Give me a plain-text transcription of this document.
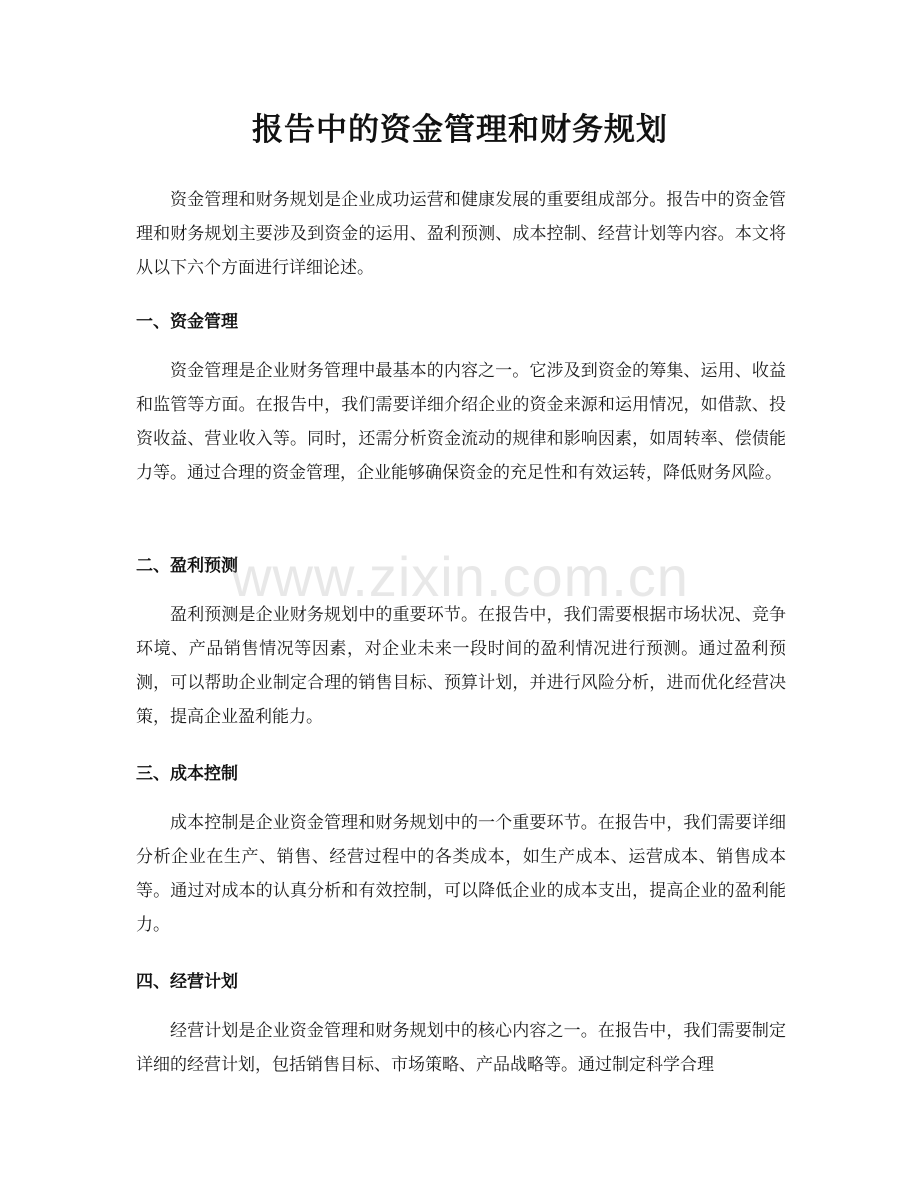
报告中的资金管理和财务规划

资金管理和财务规划是企业成功运营和健康发展的重要组成部分。报告中的资金管理和财务规划主要涉及到资金的运用、盈利预测、成本控制、经营计划等内容。本文将从以下六个方面进行详细论述。

一、资金管理

资金管理是企业财务管理中最基本的内容之一。它涉及到资金的筹集、运用、收益和监管等方面。在报告中，我们需要详细介绍企业的资金来源和运用情况，如借款、投资收益、营业收入等。同时，还需分析资金流动的规律和影响因素，如周转率、偿债能力等。通过合理的资金管理，企业能够确保资金的充足性和有效运转，降低财务风险。

二、盈利预测

盈利预测是企业财务规划中的重要环节。在报告中，我们需要根据市场状况、竞争环境、产品销售情况等因素，对企业未来一段时间的盈利情况进行预测。通过盈利预测，可以帮助企业制定合理的销售目标、预算计划，并进行风险分析，进而优化经营决策，提高企业盈利能力。

三、成本控制

成本控制是企业资金管理和财务规划中的一个重要环节。在报告中，我们需要详细分析企业在生产、销售、经营过程中的各类成本，如生产成本、运营成本、销售成本等。通过对成本的认真分析和有效控制，可以降低企业的成本支出，提高企业的盈利能力。

四、经营计划

经营计划是企业资金管理和财务规划中的核心内容之一。在报告中，我们需要制定详细的经营计划，包括销售目标、市场策略、产品战略等。通过制定科学合理

www.zixin.com.cn
